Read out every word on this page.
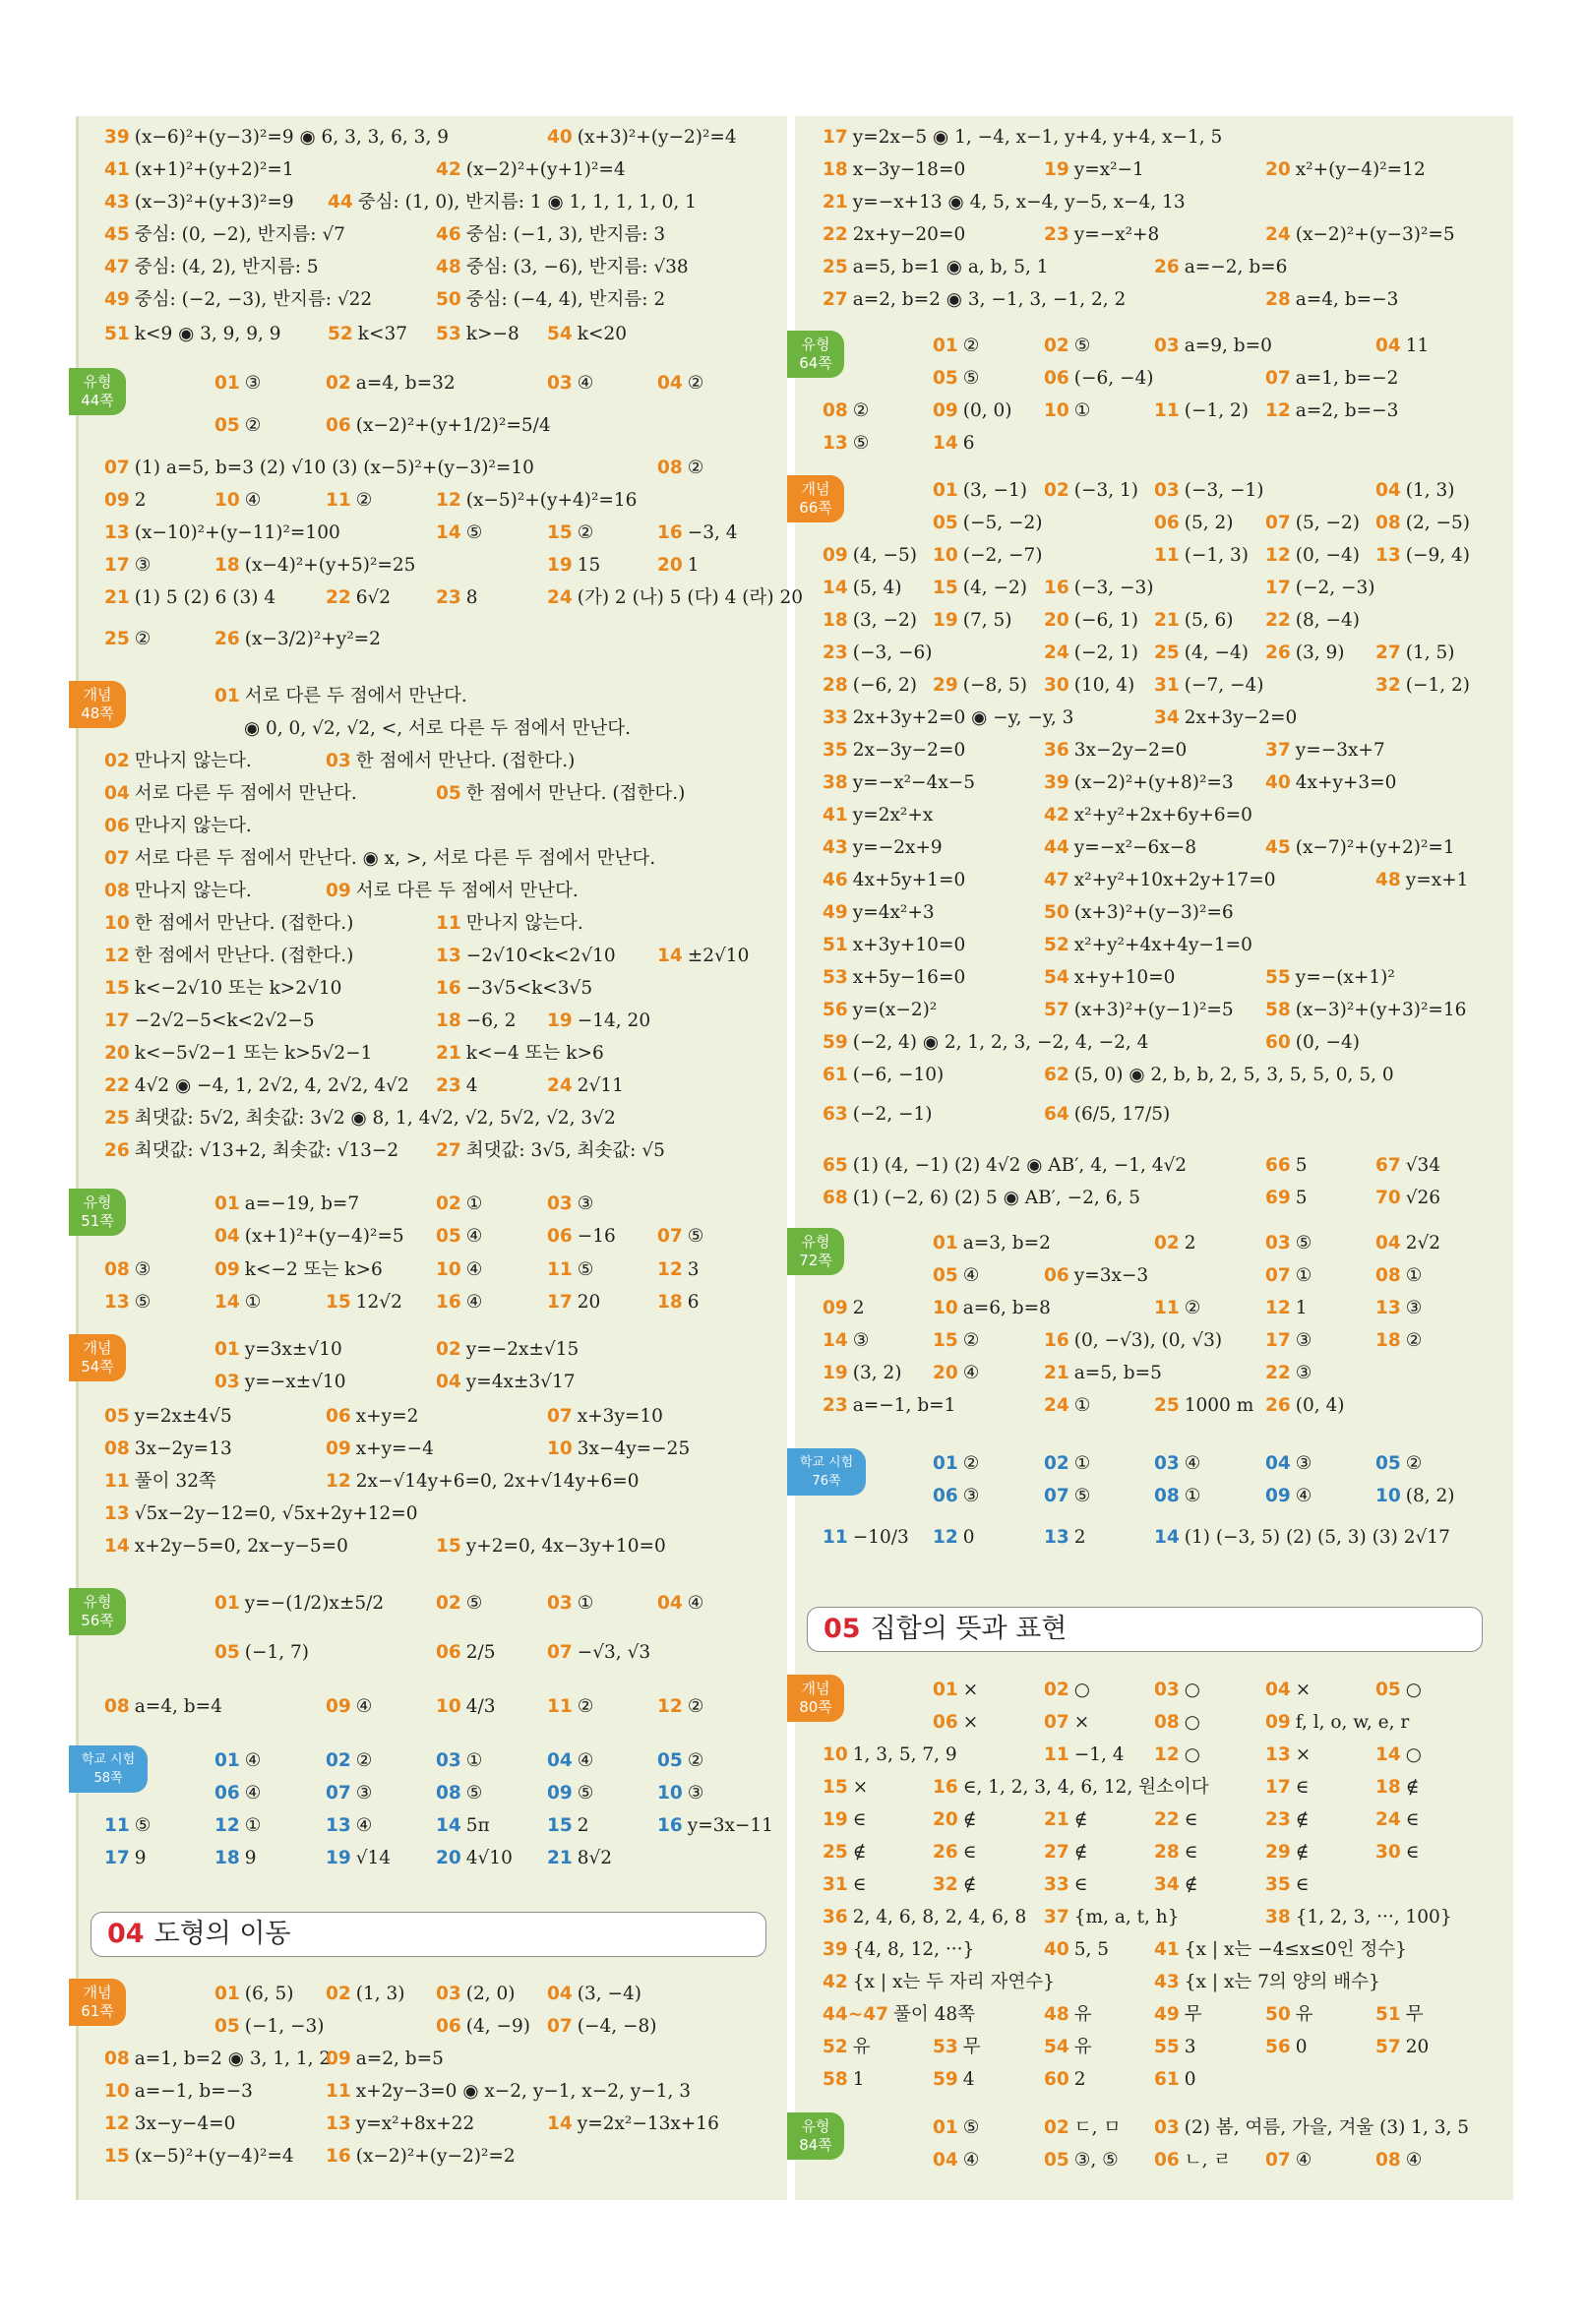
04 도형의 이동
05 집합의 뜻과 표현
39 (x−6)²+(y−3)²=9 ◉ 6, 3, 3, 6, 3, 9	40 (x+3)²+(y−2)²=4
41 (x+1)²+(y+2)²=1	42 (x−2)²+(y+1)²=4
43 (x−3)²+(y+3)²=9 44 중심: (1, 0), 반지름: 1 ◉ 1, 1, 1, 1, 0, 1
45 중심: (0, −2), 반지름: √7	46 중심: (−1, 3), 반지름: 3
47 중심: (4, 2), 반지름: 5	48 중심: (3, −6), 반지름: √38
49 중심: (−2, −3), 반지름: √22	50 중심: (−4, 4), 반지름: 2
51 k<9 ◉ 3, 9, 9, 9	52 k<37 53 k>−8 54 k<20
01 ③	02 a=4, b=32	03 ④	04 ②
05 ②	06 (x−2)²+(y+1/2)²=5/4
07 (1) a=5, b=3 (2) √10 (3) (x−5)²+(y−3)²=10	08 ②
09 2	10 ④	11 ②	12 (x−5)²+(y+4)²=16
13 (x−10)²+(y−11)²=100	14 ⑤	15 ②	16 −3, 4
17 ③	18 (x−4)²+(y+5)²=25	19 15	20 1
21 (1) 5 (2) 6 (3) 4	22 6√2 23 8	24 (가) 2 (나) 5 (다) 4 (라) 20
25 ②	26 (x−3/2)²+y²=2
01 서로 다른 두 점에서 만난다.
◉ 0, 0, √2, √2, <, 서로 다른 두 점에서 만난다.
02 만나지 않는다.	03 한 점에서 만난다. (접한다.)
04 서로 다른 두 점에서 만난다.	05 한 점에서 만난다. (접한다.)
06 만나지 않는다.
07 서로 다른 두 점에서 만난다. ◉ x, >, 서로 다른 두 점에서 만난다.
08 만나지 않는다.	09 서로 다른 두 점에서 만난다.
10 한 점에서 만난다. (접한다.)	11 만나지 않는다.
12 한 점에서 만난다. (접한다.)	13 −2√10<k<2√10 14 ±2√10
15 k<−2√10 또는 k>2√10	16 −3√5<k<3√5
17 −2√2−5<k<2√2−5	18 −6, 2 19 −14, 20
20 k<−5√2−1 또는 k>5√2−1	21 k<−4 또는 k>6
22 4√2 ◉ −4, 1, 2√2, 4, 2√2, 4√2 23 4	24 2√11
25 최댓값: 5√2, 최솟값: 3√2 ◉ 8, 1, 4√2, √2, 5√2, √2, 3√2
26 최댓값: √13+2, 최솟값: √13−2 27 최댓값: 3√5, 최솟값: √5
01 a=−19, b=7	02 ①	03 ③
04 (x+1)²+(y−4)²=5 05 ④	06 −16 07 ⑤
08 ③	09 k<−2 또는 k>6	10 ④	11 ⑤	12 3
13 ⑤	14 ①	15 12√2 16 ④	17 20	18 6
01 y=3x±√10	02 y=−2x±√15
03 y=−x±√10	04 y=4x±3√17
05 y=2x±4√5	06 x+y=2	07 x+3y=10
08 3x−2y=13	09 x+y=−4	10 3x−4y=−25
11 풀이 32쪽	12 2x−√14y+6=0, 2x+√14y+6=0
13 √5x−2y−12=0, √5x+2y+12=0
14 x+2y−5=0, 2x−y−5=0	15 y+2=0, 4x−3y+10=0
01 y=−(1/2)x±5/2	02 ⑤	03 ①	04 ④
05 (−1, 7)	06 2/5	07 −√3, √3
08 a=4, b=4	09 ④	10 4/3	11 ②	12 ②
01 ④	02 ②	03 ①	04 ④	05 ②
06 ④	07 ③	08 ⑤	09 ⑤	10 ③
11 ⑤	12 ①	13 ④	14 5π	15 2	16 y=3x−11
17 9	18 9	19 √14 20 4√10 21 8√2
01 (6, 5) 02 (1, 3) 03 (2, 0) 04 (3, −4)
05 (−1, −3)	06 (4, −9) 07 (−4, −8)
08 a=1, b=2 ◉ 3, 1, 1, 2
09 a=2, b=5
10 a=−1, b=−3	11 x+2y−3=0 ◉ x−2, y−1, x−2, y−1, 3
12 3x−y−4=0	13 y=x²+8x+22	14 y=2x²−13x+16
15 (x−5)²+(y−4)²=4 16 (x−2)²+(y−2)²=2
유형
44쪽
개념
48쪽
유형
51쪽
개념
54쪽
유형
56쪽
학교 시험
58쪽
개념
61쪽
17 y=2x−5 ◉ 1, −4, x−1, y+4, y+4, x−1, 5
18 x−3y−18=0	19 y=x²−1	20 x²+(y−4)²=12
21 y=−x+13 ◉ 4, 5, x−4, y−5, x−4, 13
22 2x+y−20=0	23 y=−x²+8	24 (x−2)²+(y−3)²=5
25 a=5, b=1 ◉ a, b, 5, 1	26 a=−2, b=6
27 a=2, b=2 ◉ 3, −1, 3, −1, 2, 2	28 a=4, b=−3
01 ②	02 ⑤	03 a=9, b=0	04 11
05 ⑤	06 (−6, −4)	07 a=1, b=−2
08 ②	09 (0, 0) 10 ①	11 (−1, 2) 12 a=2, b=−3
13 ⑤	14 6
01 (3, −1) 02 (−3, 1) 03 (−3, −1)	04 (1, 3)
05 (−5, −2)	06 (5, 2) 07 (5, −2) 08 (2, −5)
09 (4, −5) 10 (−2, −7)	11 (−1, 3) 12 (0, −4) 13 (−9, 4)
14 (5, 4) 15 (4, −2) 16 (−3, −3)	17 (−2, −3)
18 (3, −2) 19 (7, 5) 20 (−6, 1) 21 (5, 6) 22 (8, −4)
23 (−3, −6)	24 (−2, 1) 25 (4, −4) 26 (3, 9) 27 (1, 5)
28 (−6, 2) 29 (−8, 5) 30 (10, 4) 31 (−7, −4)	32 (−1, 2)
33 2x+3y+2=0 ◉ −y, −y, 3	34 2x+3y−2=0
35 2x−3y−2=0	36 3x−2y−2=0	37 y=−3x+7
38 y=−x²−4x−5	39 (x−2)²+(y+8)²=3 40 4x+y+3=0
41 y=2x²+x	42 x²+y²+2x+6y+6=0
43 y=−2x+9	44 y=−x²−6x−8	45 (x−7)²+(y+2)²=1
46 4x+5y+1=0	47 x²+y²+10x+2y+17=0	48 y=x+1
49 y=4x²+3	50 (x+3)²+(y−3)²=6
51 x+3y+10=0	52 x²+y²+4x+4y−1=0
53 x+5y−16=0	54 x+y+10=0	55 y=−(x+1)²
56 y=(x−2)²	57 (x+3)²+(y−1)²=5 58 (x−3)²+(y+3)²=16
59 (−2, 4) ◉ 2, 1, 2, 3, −2, 4, −2, 4	60 (0, −4)
61 (−6, −10)	62 (5, 0) ◉ 2, b, b, 2, 5, 3, 5, 5, 0, 5, 0
63 (−2, −1)	64 (6/5, 17/5)
65 (1) (4, −1) (2) 4√2 ◉ AB′, 4, −1, 4√2	66 5	67 √34
68 (1) (−2, 6) (2) 5 ◉ AB′, −2, 6, 5	69 5	70 √26
01 a=3, b=2	02 2	03 ⑤	04 2√2
05 ④	06 y=3x−3	07 ①	08 ①
09 2	10 a=6, b=8	11 ②	12 1	13 ③
14 ③	15 ②	16 (0, −√3), (0, √3) 17 ③	18 ②
19 (3, 2) 20 ④	21 a=5, b=5	22 ③
23 a=−1, b=1	24 ①	25 1000 m 26 (0, 4)
01 ②	02 ①	03 ④	04 ③	05 ②
06 ③	07 ⑤	08 ①	09 ④	10 (8, 2)
11 −10/3 12 0	13 2	14 (1) (−3, 5) (2) (5, 3) (3) 2√17
01 ×	02 ○	03 ○	04 ×	05 ○
06 ×	07 ×	08 ○	09 f, l, o, w, e, r
10 1, 3, 5, 7, 9	11 −1, 4 12 ○	13 ×	14 ○
15 ×	16 ∈, 1, 2, 3, 4, 6, 12, 원소이다	17 ∈	18 ∉
19 ∈	20 ∉	21 ∉	22 ∈	23 ∉	24 ∈
25 ∉	26 ∈	27 ∉	28 ∈	29 ∉	30 ∈
31 ∈	32 ∉	33 ∈	34 ∉	35 ∈
36 2, 4, 6, 8, 2, 4, 6, 8 37 {m, a, t, h}	38 {1, 2, 3, ···, 100}
39 {4, 8, 12, ···}	40 5, 5 41 {x | x는 −4≤x≤0인 정수}
42 {x | x는 두 자리 자연수}	43 {x | x는 7의 양의 배수}
44~47 풀이 48쪽	48 유	49 무	50 유	51 무
52 유	53 무	54 유	55 3	56 0	57 20
58 1	59 4	60 2	61 0
01 ⑤	02 ㄷ, ㅁ 03 (2) 봄, 여름, 가을, 겨울 (3) 1, 3, 5
04 ④	05 ③, ⑤ 06 ㄴ, ㄹ 07 ④	08 ④
유형
64쪽
개념
66쪽
유형
72쪽
학교 시험
76쪽
개념
80쪽
유형
84쪽
